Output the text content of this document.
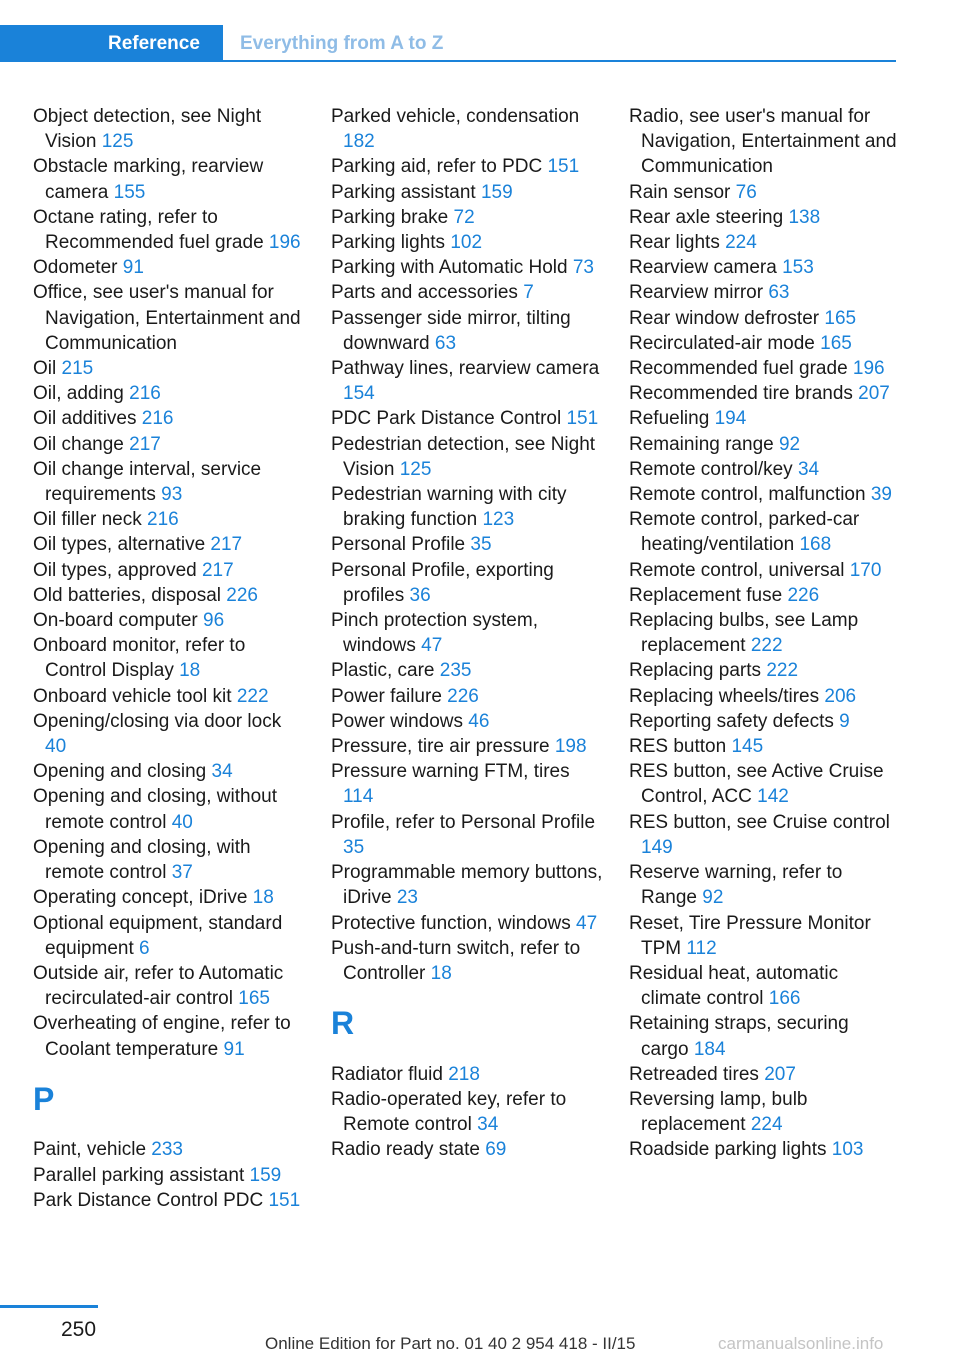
Reference	Everything from A to Z
Object detection, see Night Vision 125
Obstacle marking, rearview camera 155
Octane rating, refer to Recommended fuel grade 196
Odometer 91
Office, see user's manual for Navigation, Entertainment and Communication
Oil 215
Oil, adding 216
Oil additives 216
Oil change 217
Oil change interval, service requirements 93
Oil filler neck 216
Oil types, alternative 217
Oil types, approved 217
Old batteries, disposal 226
On-board computer 96
Onboard monitor, refer to Control Display 18
Onboard vehicle tool kit 222
Opening/closing via door lock 40
Opening and closing 34
Opening and closing, without remote control 40
Opening and closing, with remote control 37
Operating concept, iDrive 18
Optional equipment, standard equipment 6
Outside air, refer to Automatic recirculated-air control 165
Overheating of engine, refer to Coolant temperature 91
P
Paint, vehicle 233
Parallel parking assistant 159
Park Distance Control PDC 151
Parked vehicle, condensation 182
Parking aid, refer to PDC 151
Parking assistant 159
Parking brake 72
Parking lights 102
Parking with Automatic Hold 73
Parts and accessories 7
Passenger side mirror, tilting downward 63
Pathway lines, rearview camera 154
PDC Park Distance Control 151
Pedestrian detection, see Night Vision 125
Pedestrian warning with city braking function 123
Personal Profile 35
Personal Profile, exporting profiles 36
Pinch protection system, windows 47
Plastic, care 235
Power failure 226
Power windows 46
Pressure, tire air pressure 198
Pressure warning FTM, tires 114
Profile, refer to Personal Profile 35
Programmable memory buttons, iDrive 23
Protective function, windows 47
Push-and-turn switch, refer to Controller 18
R
Radiator fluid 218
Radio-operated key, refer to Remote control 34
Radio ready state 69
Radio, see user's manual for Navigation, Entertainment and Communication
Rain sensor 76
Rear axle steering 138
Rear lights 224
Rearview camera 153
Rearview mirror 63
Rear window defroster 165
Recirculated-air mode 165
Recommended fuel grade 196
Recommended tire brands 207
Refueling 194
Remaining range 92
Remote control/key 34
Remote control, malfunction 39
Remote control, parked-car heating/ventilation 168
Remote control, universal 170
Replacement fuse 226
Replacing bulbs, see Lamp replacement 222
Replacing parts 222
Replacing wheels/tires 206
Reporting safety defects 9
RES button 145
RES button, see Active Cruise Control, ACC 142
RES button, see Cruise control 149
Reserve warning, refer to Range 92
Reset, Tire Pressure Monitor TPM 112
Residual heat, automatic climate control 166
Retaining straps, securing cargo 184
Retreaded tires 207
Reversing lamp, bulb replacement 224
Roadside parking lights 103
250
Online Edition for Part no. 01 40 2 954 418 - II/15	carmanualsonline.info
